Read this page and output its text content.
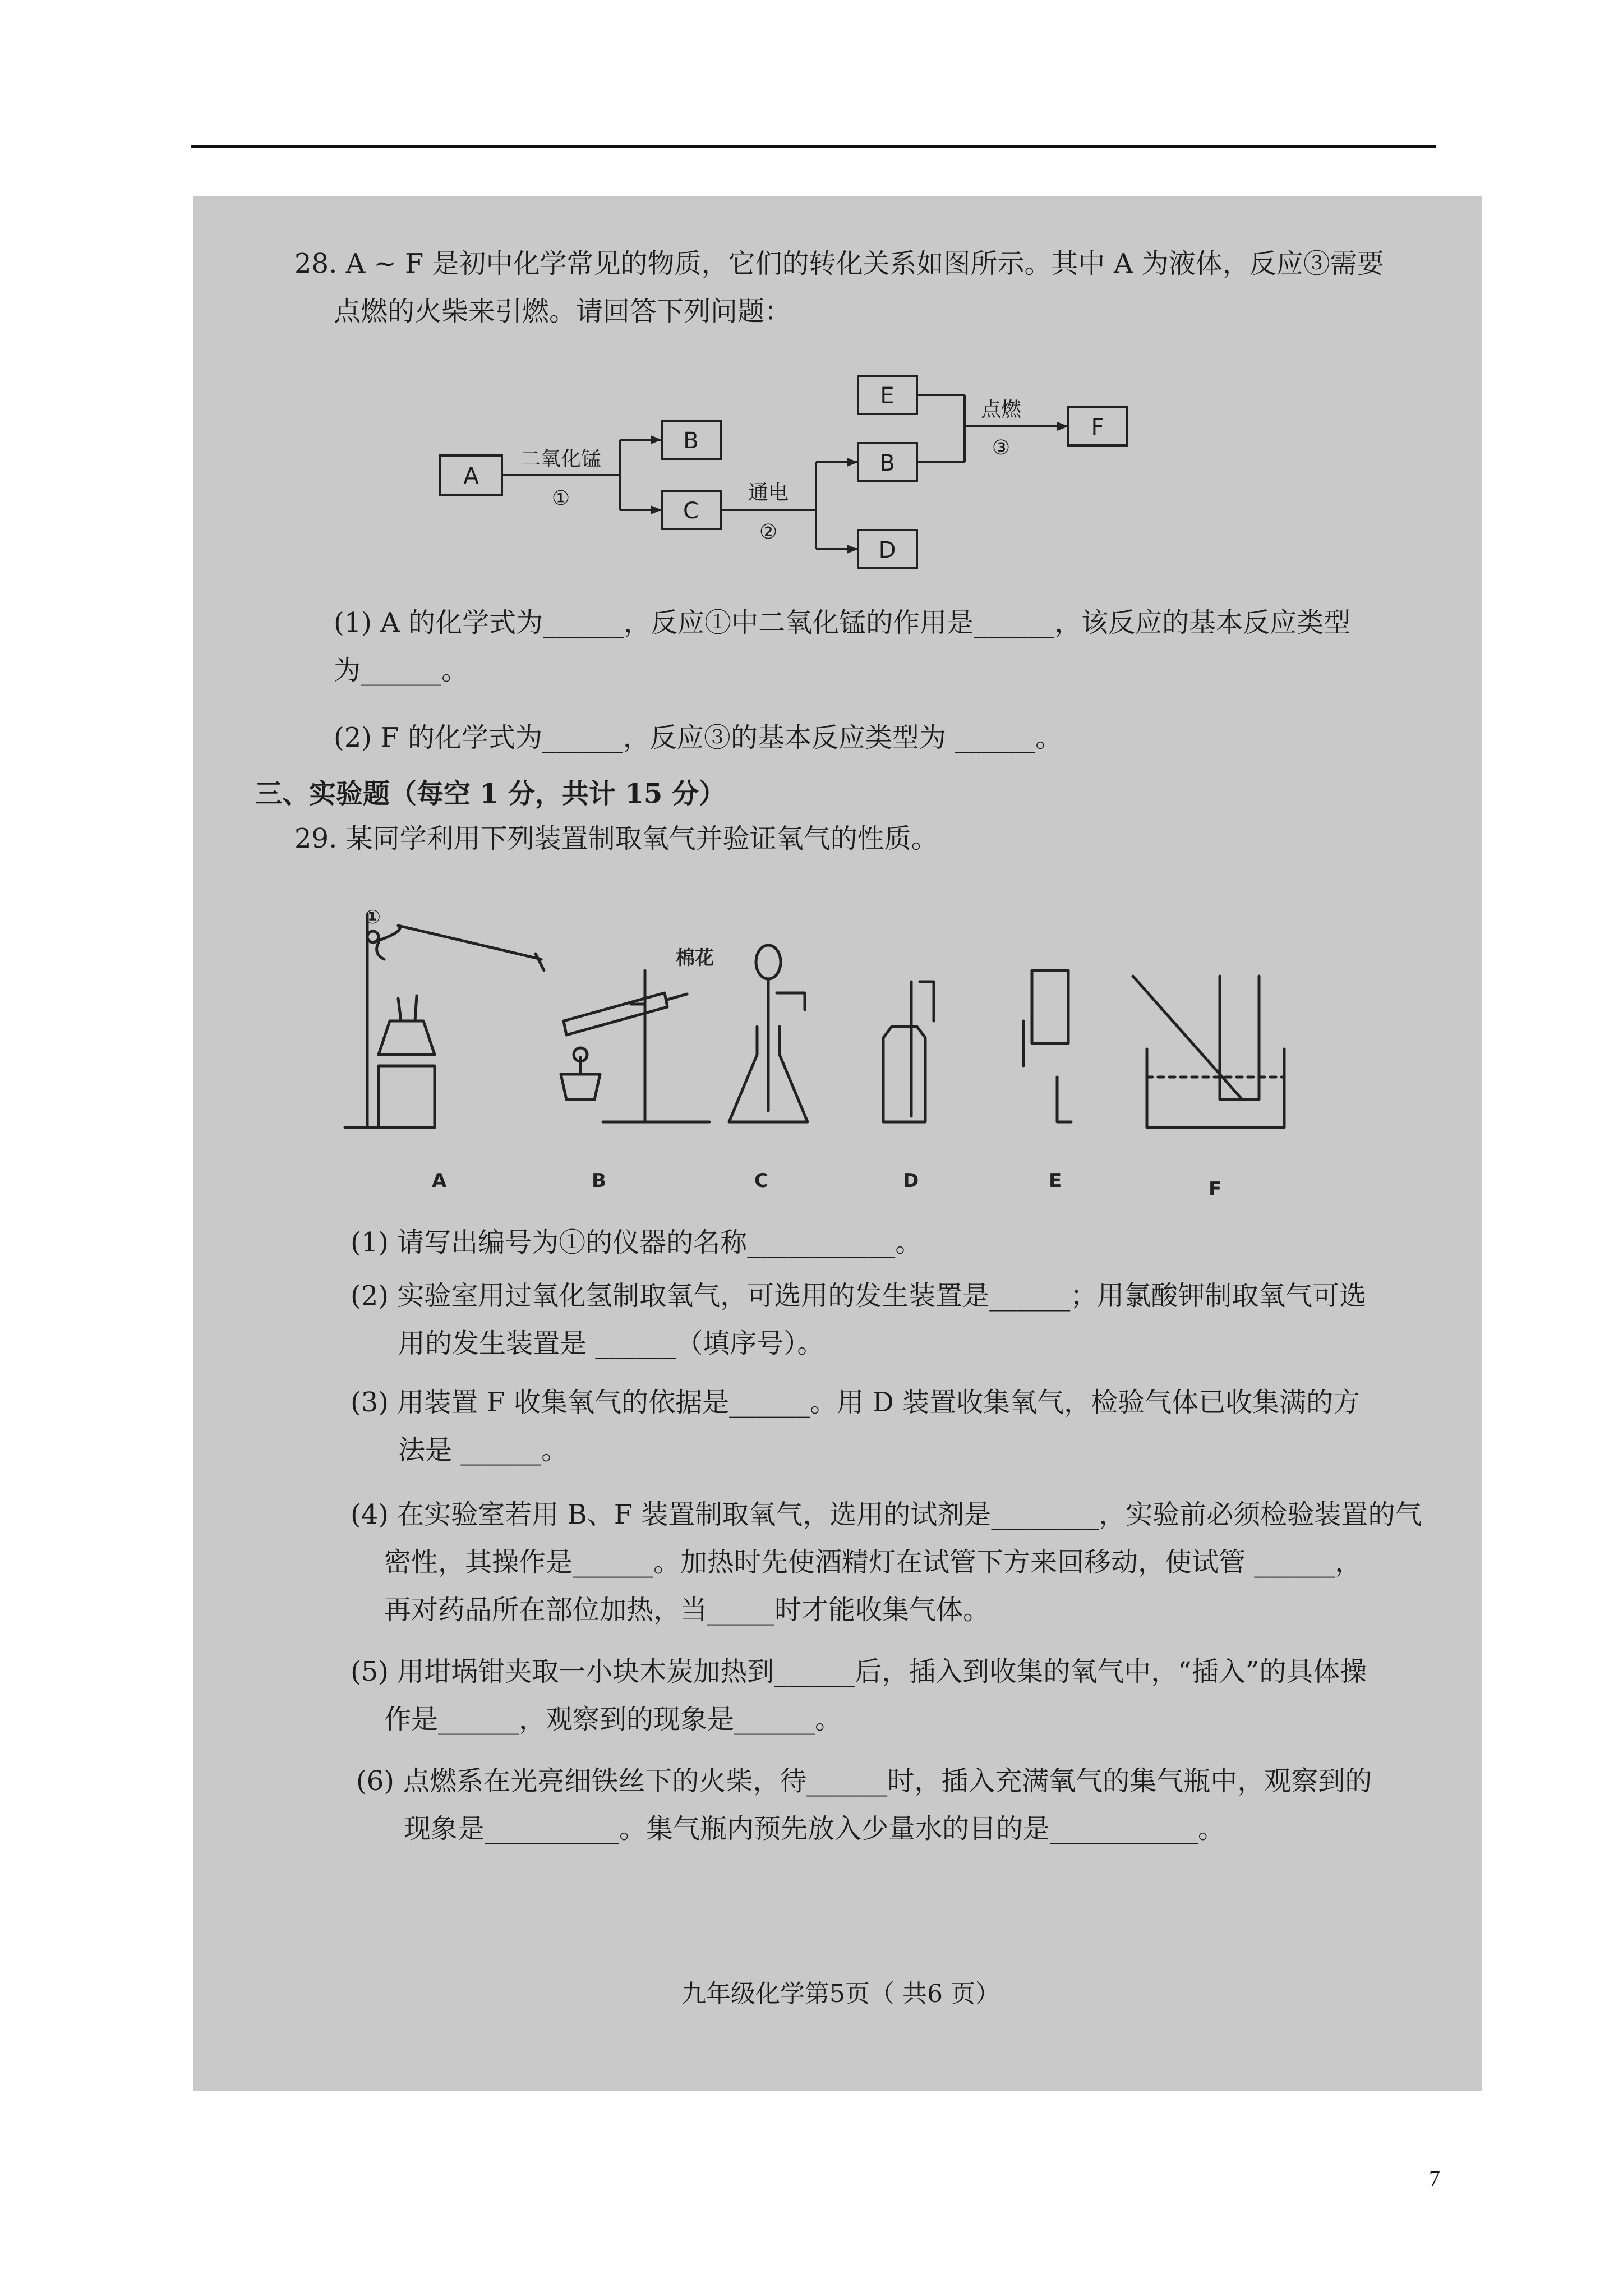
28. A ~ F 是初中化学常见的物质，它们的转化关系如图所示。其中 A 为液体，反应③需要
点燃的火柴来引燃。请回答下列问题：
A
B
C
E
B
D
F
二氧化锰
①	通电
②
点燃
③
(1) A 的化学式为______，反应①中二氧化锰的作用是______，该反应的基本反应类型
为______。
(2) F 的化学式为______，反应③的基本反应类型为 ______。
三、实验题（每空 1 分，共计 15 分）
29. 某同学利用下列装置制取氧气并验证氧气的性质。
①
棉花
A	B	C	D	E	F
(1) 请写出编号为①的仪器的名称___________。
(2) 实验室用过氧化氢制取氧气，可选用的发生装置是______；用氯酸钾制取氧气可选
用的发生装置是 ______（填序号）。
(3) 用装置 F 收集氧气的依据是______。用 D 装置收集氧气，检验气体已收集满的方
法是 ______。
(4) 在实验室若用 B、F 装置制取氧气，选用的试剂是________，实验前必须检验装置的气
密性，其操作是______。加热时先使酒精灯在试管下方来回移动，使试管 ______，
再对药品所在部位加热，当_____时才能收集气体。
(5) 用坩埚钳夹取一小块木炭加热到______后，插入到收集的氧气中，“插入”的具体操
作是______，观察到的现象是______。
(6) 点燃系在光亮细铁丝下的火柴，待______时，插入充满氧气的集气瓶中，观察到的
现象是__________。集气瓶内预先放入少量水的目的是___________。
九年级化学第5页（ 共6 页）
7
